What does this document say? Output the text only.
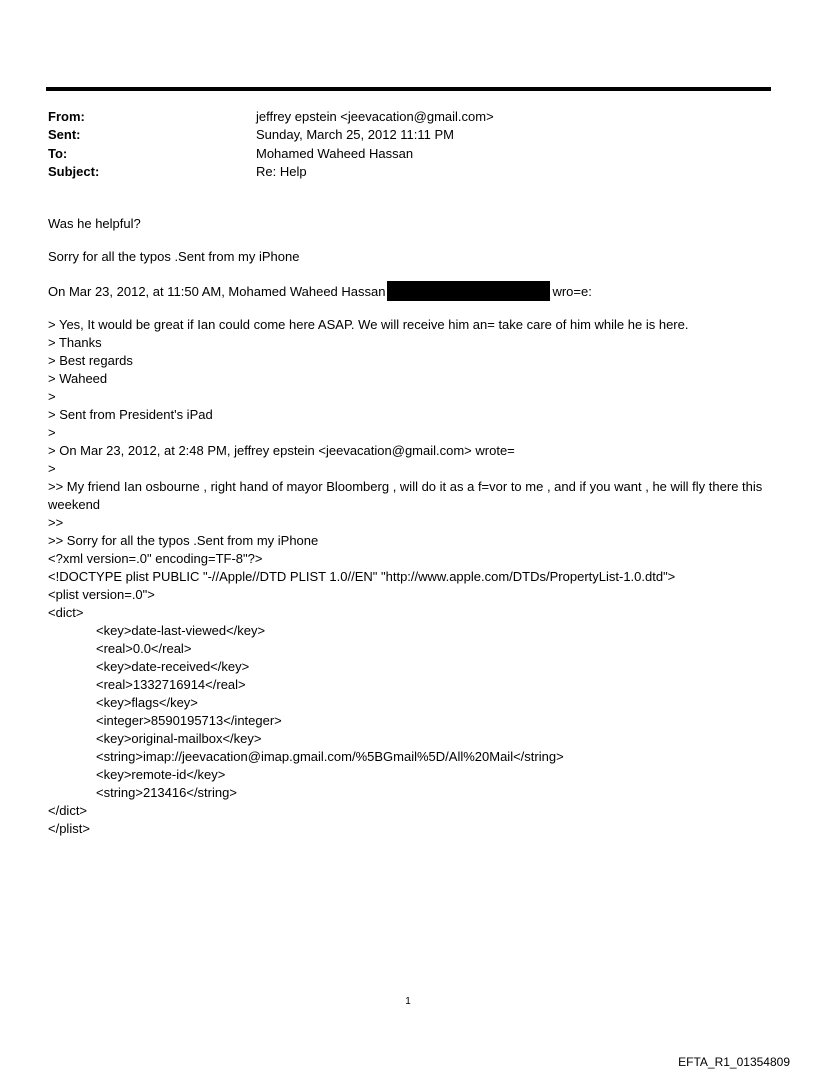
From:	jeffrey epstein <jeevacation@gmail.com>
Sent:	Sunday, March 25, 2012 11:11 PM
To:	Mohamed Waheed Hassan
Subject:	Re: Help

Was he helpful?

Sorry for all the typos .Sent from my iPhone

On Mar 23, 2012, at 11:50 AM, Mohamed Waheed Hassan	wro=e:

> Yes, It would be great if Ian could come here ASAP. We will receive him an= take care of him while he is here.
> Thanks
> Best regards
> Waheed
>
> Sent from President's iPad
>
> On Mar 23, 2012, at 2:48 PM, jeffrey epstein <jeevacation@gmail.com> wrote=
>
>> My friend Ian osbourne , right hand of mayor Bloomberg , will do it as a f=vor to me , and if you want , he will fly there this weekend
>>
>> Sorry for all the typos .Sent from my iPhone
<?xml version=.0" encoding=TF-8"?>
<!DOCTYPE plist PUBLIC "-//Apple//DTD PLIST 1.0//EN" "http://www.apple.com/DTDs/PropertyList-1.0.dtd">
<plist version=.0">
<dict>
<key>date-last-viewed</key>
<real>0.0</real>
<key>date-received</key>
<real>1332716914</real>
<key>flags</key>
<integer>8590195713</integer>
<key>original-mailbox</key>
<string>imap://jeevacation@imap.gmail.com/%5BGmail%5D/All%20Mail</string>
<key>remote-id</key>
<string>213416</string>
</dict>
</plist>
1
EFTA_R1_01354809
